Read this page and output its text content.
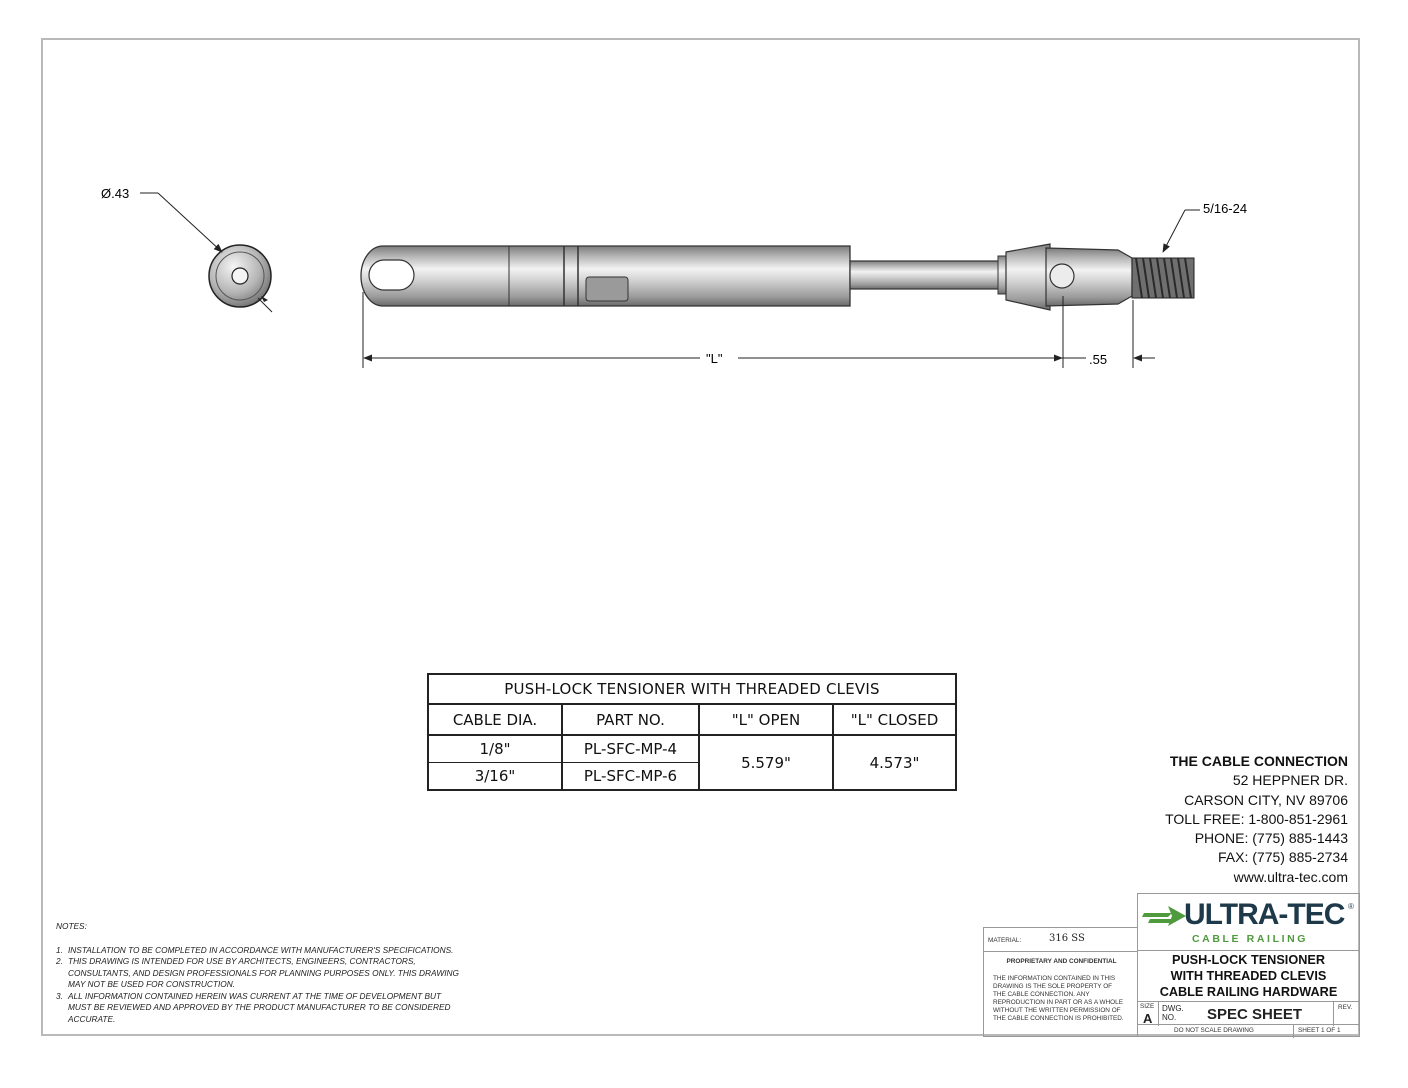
Ø.43
5/16-24
"L"	.55
PUSH-LOCK TENSIONER WITH THREADED CLEVIS			
CABLE DIA.	PART NO.	"L" OPEN	"L" CLOSED
1/8"	PL-SFC-MP-4	5.579"	4.573"
3/16"	PL-SFC-MP-6		
THE CABLE CONNECTION
52 HEPPNER DR.
CARSON CITY, NV 89706
TOLL FREE: 1-800-851-2961
PHONE: (775) 885-1443
FAX: (775) 885-2734
www.ultra-tec.com
NOTES:
1. INSTALLATION TO BE COMPLETED IN ACCORDANCE WITH MANUFACTURER'S SPECIFICATIONS.
2. THIS DRAWING IS INTENDED FOR USE BY ARCHITECTS, ENGINEERS, CONTRACTORS,
CONSULTANTS, AND DESIGN PROFESSIONALS FOR PLANNING PURPOSES ONLY. THIS DRAWING
MAY NOT BE USED FOR CONSTRUCTION.
3. ALL INFORMATION CONTAINED HEREIN WAS CURRENT AT THE TIME OF DEVELOPMENT BUT
MUST BE REVIEWED AND APPROVED BY THE PRODUCT MANUFACTURER TO BE CONSIDERED
ACCURATE.
MATERIAL:	316 SS
PROPRIETARY AND CONFIDENTIAL
THE INFORMATION CONTAINED IN THIS
DRAWING IS THE SOLE PROPERTY OF
THE CABLE CONNECTION. ANY
REPRODUCTION IN PART OR AS A WHOLE
WITHOUT THE WRITTEN PERMISSION OF
THE CABLE CONNECTION IS PROHIBITED.
ULTRA-TEC ®
CABLE RAILING
PUSH-LOCK TENSIONER
WITH THREADED CLEVIS
CABLE RAILING HARDWARE
SIZE
A
DWG.
NO.	SPEC SHEET	REV.
DO NOT SCALE DRAWING	SHEET 1 OF 1
